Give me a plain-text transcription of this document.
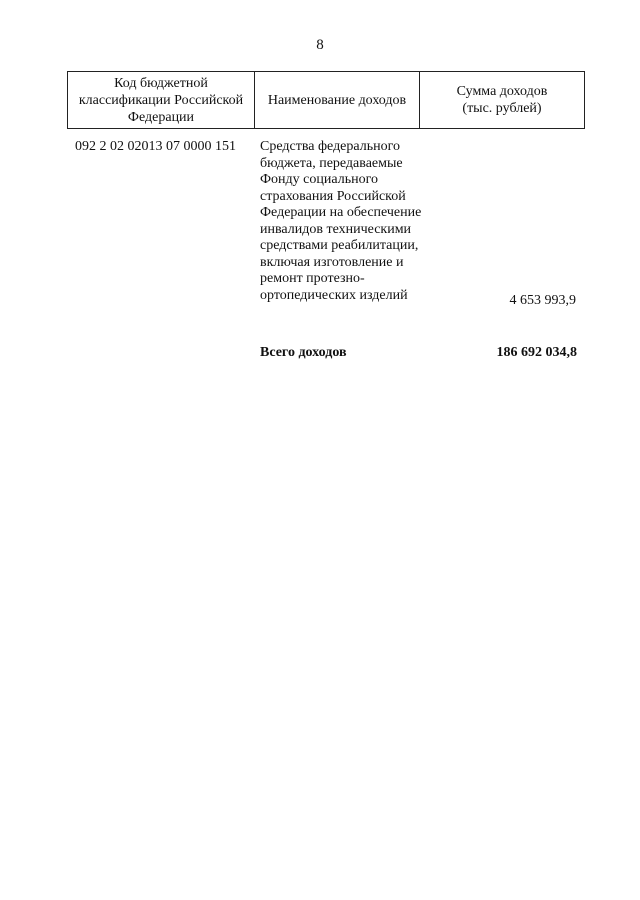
8
Код бюджетной
классификации Российской
Федерации
Наименование доходов
Сумма доходов
(тыс. рублей)
092 2 02 02013 07 0000 151 Средства федерального
бюджета, передаваемые
Фонду социального
страхования Российской
Федерации на обеспечение
инвалидов техническими
средствами реабилитации,
включая изготовление и
ремонт протезно-
ортопедических изделий	4 653 993,9
Всего доходов	186 692 034,8
